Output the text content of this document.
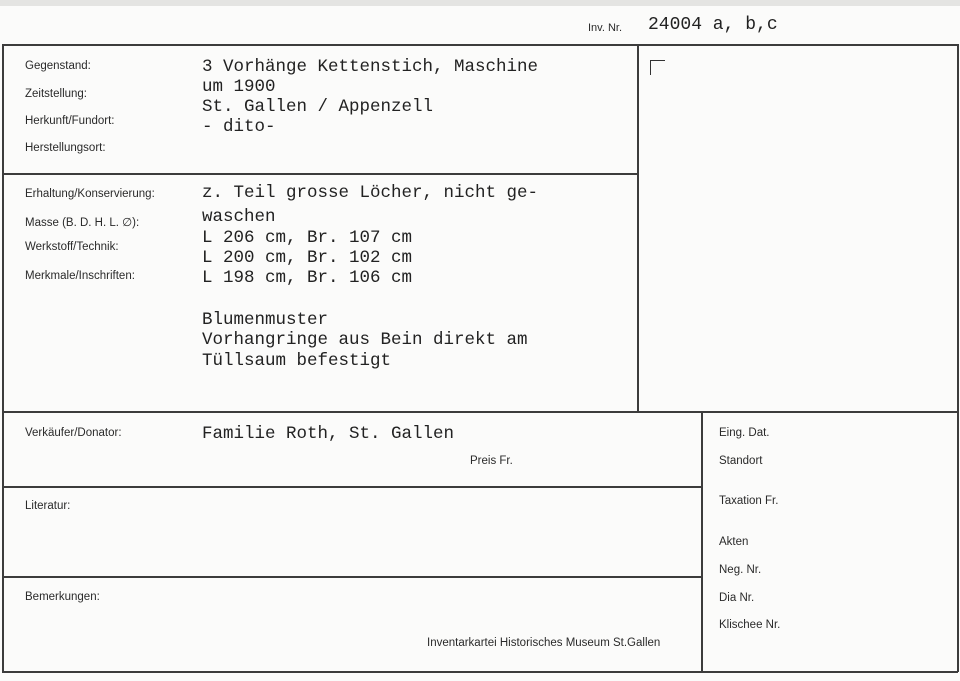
Inv. Nr. 24004 a, b,c
Gegenstand:
Zeitstellung:
Herkunft/Fundort:
Herstellungsort:
3 Vorhänge Kettenstich, Maschine
um 1900
St. Gallen / Appenzell
- dito-
Erhaltung/Konservierung:
Masse (B. D. H. L. ∅):
Werkstoff/Technik:
Merkmale/Inschriften:
z. Teil grosse Löcher, nicht ge-
waschen
L 206 cm, Br. 107 cm
L 200 cm, Br. 102 cm
L 198 cm, Br. 106 cm
Blumenmuster
Vorhangringe aus Bein direkt am
Tüllsaum befestigt
Verkäufer/Donator:	Familie Roth, St. Gallen
Preis Fr.
Literatur:
Bemerkungen:
Inventarkartei Historisches Museum St.Gallen
Eing. Dat.
Standort
Taxation Fr.
Akten
Neg. Nr.
Dia Nr.
Klischee Nr.
